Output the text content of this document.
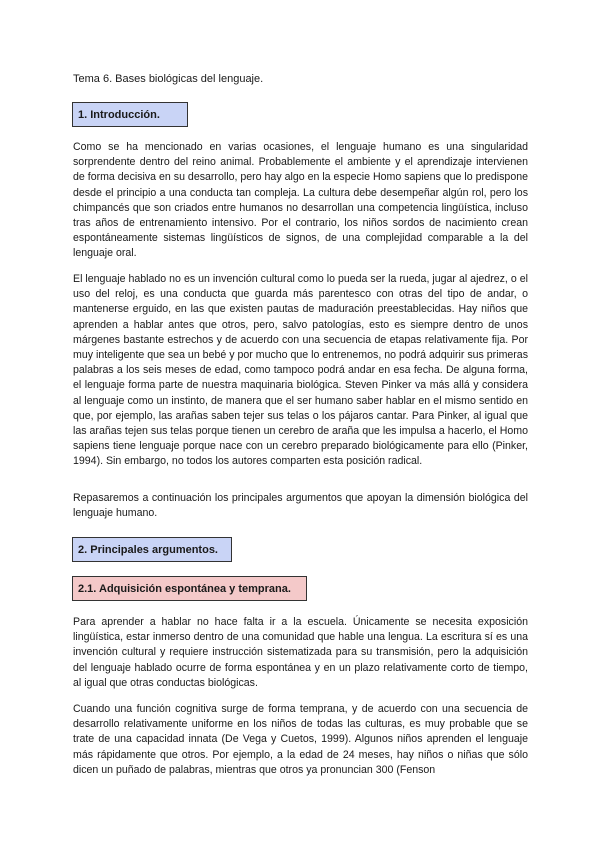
Tema 6. Bases biológicas del lenguaje.
1. Introducción.

Como se ha mencionado en varias ocasiones, el lenguaje humano es una singularidad sorprendente dentro del reino animal. Probablemente el ambiente y el aprendizaje intervienen de forma decisiva en su desarrollo, pero hay algo en la especie Homo sapiens que lo predispone desde el principio a una conducta tan compleja. La cultura debe desempeñar algún rol, pero los chimpancés que son criados entre humanos no desarrollan una competencia lingüística, incluso tras años de entrenamiento intensivo. Por el contrario, los niños sordos de nacimiento crean espontáneamente sistemas lingüísticos de signos, de una complejidad comparable a la del lenguaje oral.

El lenguaje hablado no es un invención cultural como lo pueda ser la rueda, jugar al ajedrez, o el uso del reloj, es una conducta que guarda más parentesco con otras del tipo de andar, o mantenerse erguido, en las que existen pautas de maduración preestablecidas. Hay niños que aprenden a hablar antes que otros, pero, salvo patologías, esto es siempre dentro de unos márgenes bastante estrechos y de acuerdo con una secuencia de etapas relativamente fija. Por muy inteligente que sea un bebé y por mucho que lo entrenemos, no podrá adquirir sus primeras palabras a los seis meses de edad, como tampoco podrá andar en esa fecha. De alguna forma, el lenguaje forma parte de nuestra maquinaria biológica. Steven Pinker va más allá y considera al lenguaje como un instinto, de manera que el ser humano saber hablar en el mismo sentido en que, por ejemplo, las arañas saben tejer sus telas o los pájaros cantar. Para Pinker, al igual que las arañas tejen sus telas porque tienen un cerebro de araña que les impulsa a hacerlo, el Homo sapiens tiene lenguaje porque nace con un cerebro preparado biológicamente para ello (Pinker, 1994). Sin embargo, no todos los autores comparten esta posición radical.

Repasaremos a continuación los principales argumentos que apoyan la dimensión biológica del lenguaje humano.

2. Principales argumentos.
2.1. Adquisición espontánea y temprana.

Para aprender a hablar no hace falta ir a la escuela. Únicamente se necesita exposición lingüística, estar inmerso dentro de una comunidad que hable una lengua. La escritura sí es una invención cultural y requiere instrucción sistematizada para su transmisión, pero la adquisición del lenguaje hablado ocurre de forma espontánea y en un plazo relativamente corto de tiempo, al igual que otras conductas biológicas.

Cuando una función cognitiva surge de forma temprana, y de acuerdo con una secuencia de desarrollo relativamente uniforme en los niños de todas las culturas, es muy probable que se trate de una capacidad innata (De Vega y Cuetos, 1999). Algunos niños aprenden el lenguaje más rápidamente que otros. Por ejemplo, a la edad de 24 meses, hay niños o niñas que sólo dicen un puñado de palabras, mientras que otros ya pronuncian 300 (Fenson
